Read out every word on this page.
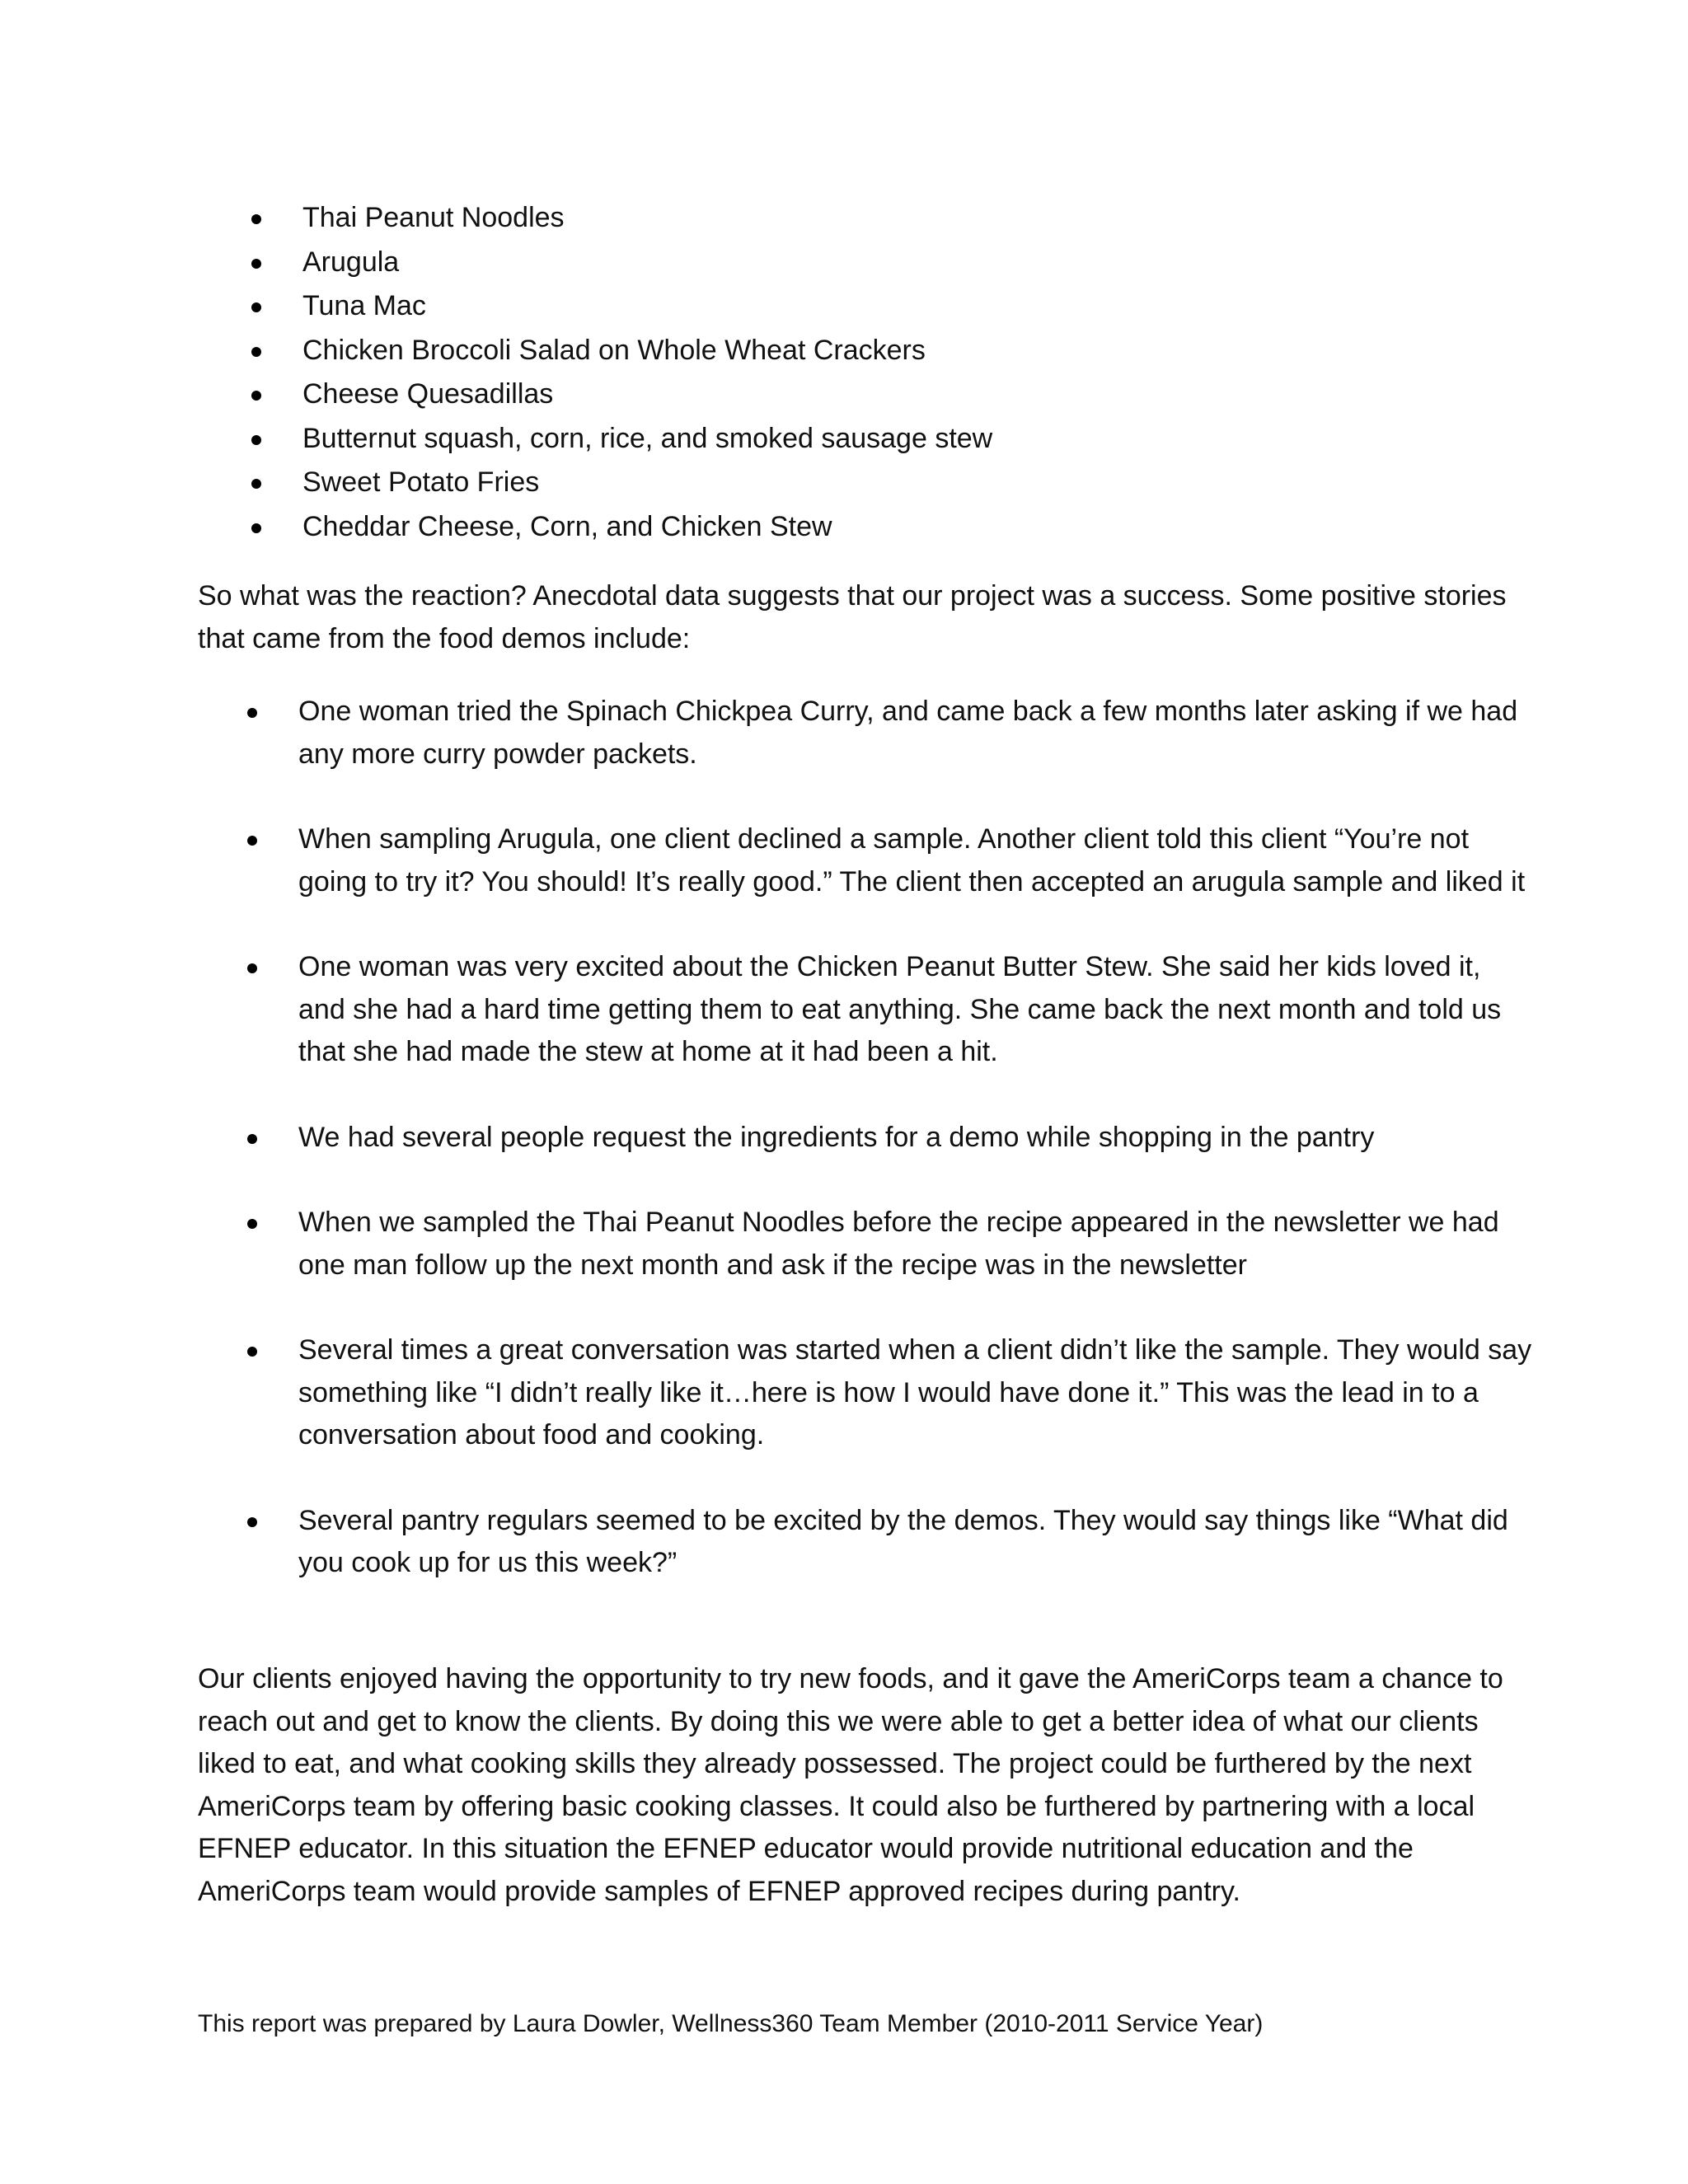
Thai Peanut Noodles
Arugula
Tuna Mac
Chicken Broccoli Salad on Whole Wheat Crackers
Cheese Quesadillas
Butternut squash, corn, rice, and smoked sausage stew
Sweet Potato Fries
Cheddar Cheese, Corn, and Chicken Stew

So what was the reaction? Anecdotal data suggests that our project was a success. Some positive stories that came from the food demos include:

One woman tried the Spinach Chickpea Curry, and came back a few months later asking if we had any more curry powder packets.
When sampling Arugula, one client declined a sample. Another client told this client “You’re not going to try it? You should! It’s really good.” The client then accepted an arugula sample and liked it
One woman was very excited about the Chicken Peanut Butter Stew. She said her kids loved it, and she had a hard time getting them to eat anything. She came back the next month and told us that she had made the stew at home at it had been a hit.
We had several people request the ingredients for a demo while shopping in the pantry
When we sampled the Thai Peanut Noodles before the recipe appeared in the newsletter we had one man follow up the next month and ask if the recipe was in the newsletter
Several times a great conversation was started when a client didn’t like the sample. They would say something like “I didn’t really like it…here is how I would have done it.” This was the lead in to a conversation about food and cooking.
Several pantry regulars seemed to be excited by the demos. They would say things like “What did you cook up for us this week?”

Our clients enjoyed having the opportunity to try new foods, and it gave the AmeriCorps team a chance to reach out and get to know the clients. By doing this we were able to get a better idea of what our clients liked to eat, and what cooking skills they already possessed. The project could be furthered by the next AmeriCorps team by offering basic cooking classes. It could also be furthered by partnering with a local EFNEP educator. In this situation the EFNEP educator would provide nutritional education and the AmeriCorps team would provide samples of EFNEP approved recipes during pantry.

This report was prepared by Laura Dowler, Wellness360 Team Member (2010-2011 Service Year)
